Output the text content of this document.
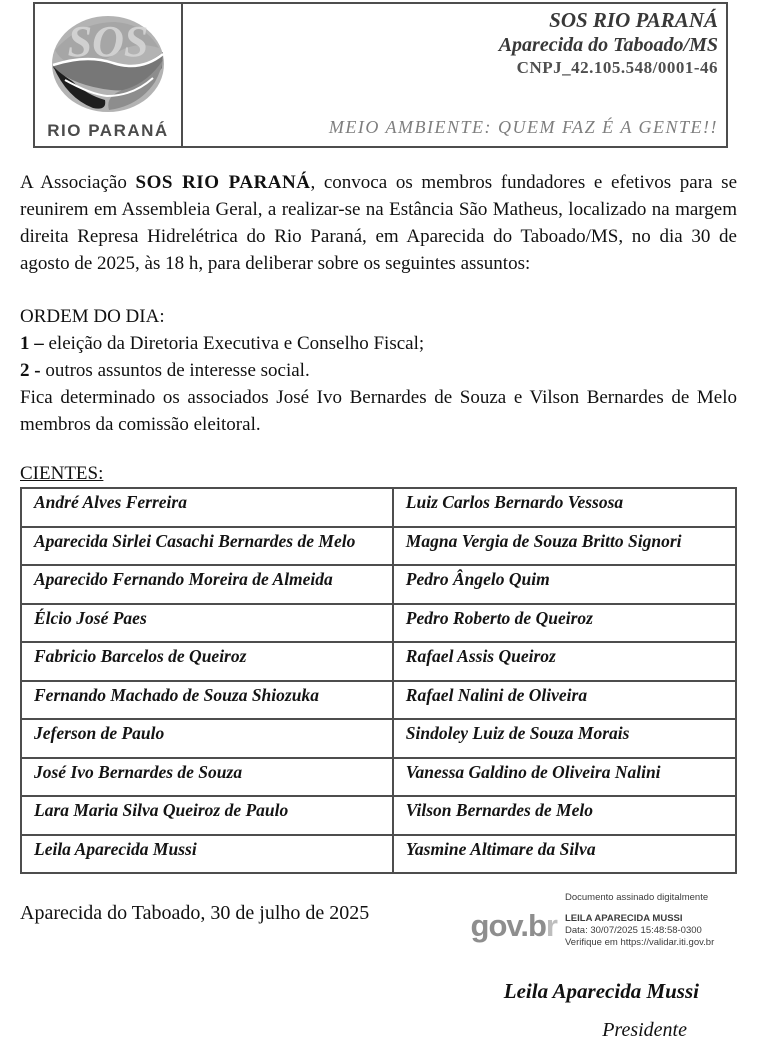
SOS
RIO PARANÁ
SOS RIO PARANÁ
Aparecida do Taboado/MS
CNPJ_42.105.548/0001-46
MEIO AMBIENTE: QUEM FAZ É A GENTE!!

A Associação SOS RIO PARANÁ, convoca os membros fundadores e efetivos para se reunirem em Assembleia Geral, a realizar-se na Estância São Matheus, localizado na margem direita Represa Hidrelétrica do Rio Paraná, em Aparecida do Taboado/MS, no dia 30 de agosto de 2025, às 18 h, para deliberar sobre os seguintes assuntos:

ORDEM DO DIA:
1 – eleição da Diretoria Executiva e Conselho Fiscal;
2 - outros assuntos de interesse social.

Fica determinado os associados José Ivo Bernardes de Souza e Vilson Bernardes de Melo membros da comissão eleitoral.

CIENTES:
André Alves Ferreira	Luiz Carlos Bernardo Vessosa
Aparecida Sirlei Casachi Bernardes de Melo	Magna Vergia de Souza Britto Signori
Aparecido Fernando Moreira de Almeida	Pedro Ângelo Quim
Élcio José Paes	Pedro Roberto de Queiroz
Fabricio Barcelos de Queiroz	Rafael Assis Queiroz
Fernando Machado de Souza Shiozuka	Rafael Nalini de Oliveira
Jeferson de Paulo	Sindoley Luiz de Souza Morais
José Ivo Bernardes de Souza	Vanessa Galdino de Oliveira Nalini
Lara Maria Silva Queiroz de Paulo	Vilson Bernardes de Melo
Leila Aparecida Mussi	Yasmine Altimare da Silva
Aparecida do Taboado, 30 de julho de 2025	gov.br
Documento assinado digitalmente
LEILA APARECIDA MUSSI
Data: 30/07/2025 15:48:58-0300
Verifique em https://validar.iti.gov.br
Leila Aparecida Mussi
Presidente
